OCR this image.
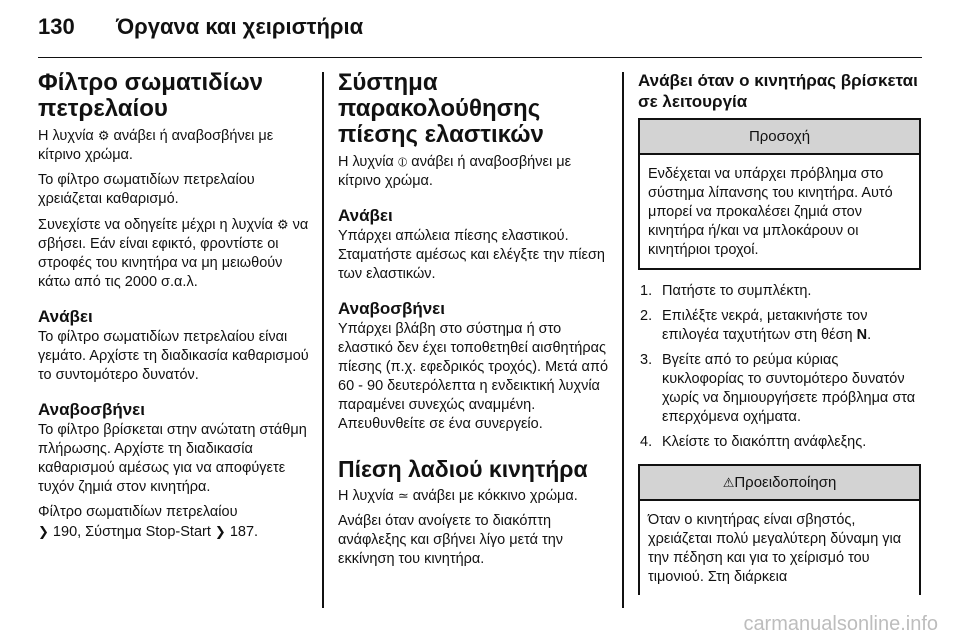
130 Όργανα και χειριστήρια
Φίλτρο σωματιδίων πετρελαίου

Η λυχνία ⚙ ανάβει ή αναβοσβήνει με κίτρινο χρώμα.

Το φίλτρο σωματιδίων πετρελαίου χρειάζεται καθαρισμό.

Συνεχίστε να οδηγείτε μέχρι η λυχνία ⚙ να σβήσει. Εάν είναι εφικτό, φροντίστε οι στροφές του κινητήρα να μη μειωθούν κάτω από τις 2000 σ.α.λ.

Ανάβει

Το φίλτρο σωματιδίων πετρελαίου είναι γεμάτο. Αρχίστε τη διαδικασία καθαρισμού το συντομότερο δυνατόν.

Αναβοσβήνει

Το φίλτρο βρίσκεται στην ανώτατη στάθμη πλήρωσης. Αρχίστε τη διαδικασία καθαρισμού αμέσως για να αποφύγετε τυχόν ζημιά στον κινητήρα.

Φίλτρο σωματιδίων πετρελαίου
❯ 190, Σύστημα Stop-Start ❯ 187.

Σύστημα παρακολούθησης πίεσης ελαστικών

Η λυχνία ⦶ ανάβει ή αναβοσβήνει με κίτρινο χρώμα.

Ανάβει

Υπάρχει απώλεια πίεσης ελαστικού. Σταματήστε αμέσως και ελέγξτε την πίεση των ελαστικών.

Αναβοσβήνει

Υπάρχει βλάβη στο σύστημα ή στο ελαστικό δεν έχει τοποθετηθεί αισθητήρας πίεσης (π.χ. εφεδρικός τροχός). Μετά από 60 - 90 δευτερόλεπτα η ενδεικτική λυχνία παραμένει συνεχώς αναμμένη. Απευθυνθείτε σε ένα συνεργείο.

Πίεση λαδιού κινητήρα

Η λυχνία ≃ ανάβει με κόκκινο χρώμα.

Ανάβει όταν ανοίγετε το διακόπτη ανάφλεξης και σβήνει λίγο μετά την εκκίνηση του κινητήρα.

Ανάβει όταν ο κινητήρας βρίσκεται σε λειτουργία
Προσοχή
Ενδέχεται να υπάρχει πρόβλημα στο σύστημα λίπανσης του κινητήρα. Αυτό μπορεί να προκαλέσει ζημιά στον κινητήρα ή/και να μπλοκάρουν οι κινητήριοι τροχοί.
1. Πατήστε το συμπλέκτη.
2. Επιλέξτε νεκρά, μετακινήστε τον επιλογέα ταχυτήτων στη θέση N.
3. Βγείτε από το ρεύμα κύριας κυκλοφορίας το συντομότερο δυνατόν χωρίς να δημιουργήσετε πρόβλημα στα επερχόμενα οχήματα.
4. Κλείστε το διακόπτη ανάφλεξης.
⚠Προειδοποίηση
Όταν ο κινητήρας είναι σβηστός, χρειάζεται πολύ μεγαλύτερη δύναμη για την πέδηση και για το χείρισμό του τιμονιού. Στη διάρκεια
carmanualsonline.info
